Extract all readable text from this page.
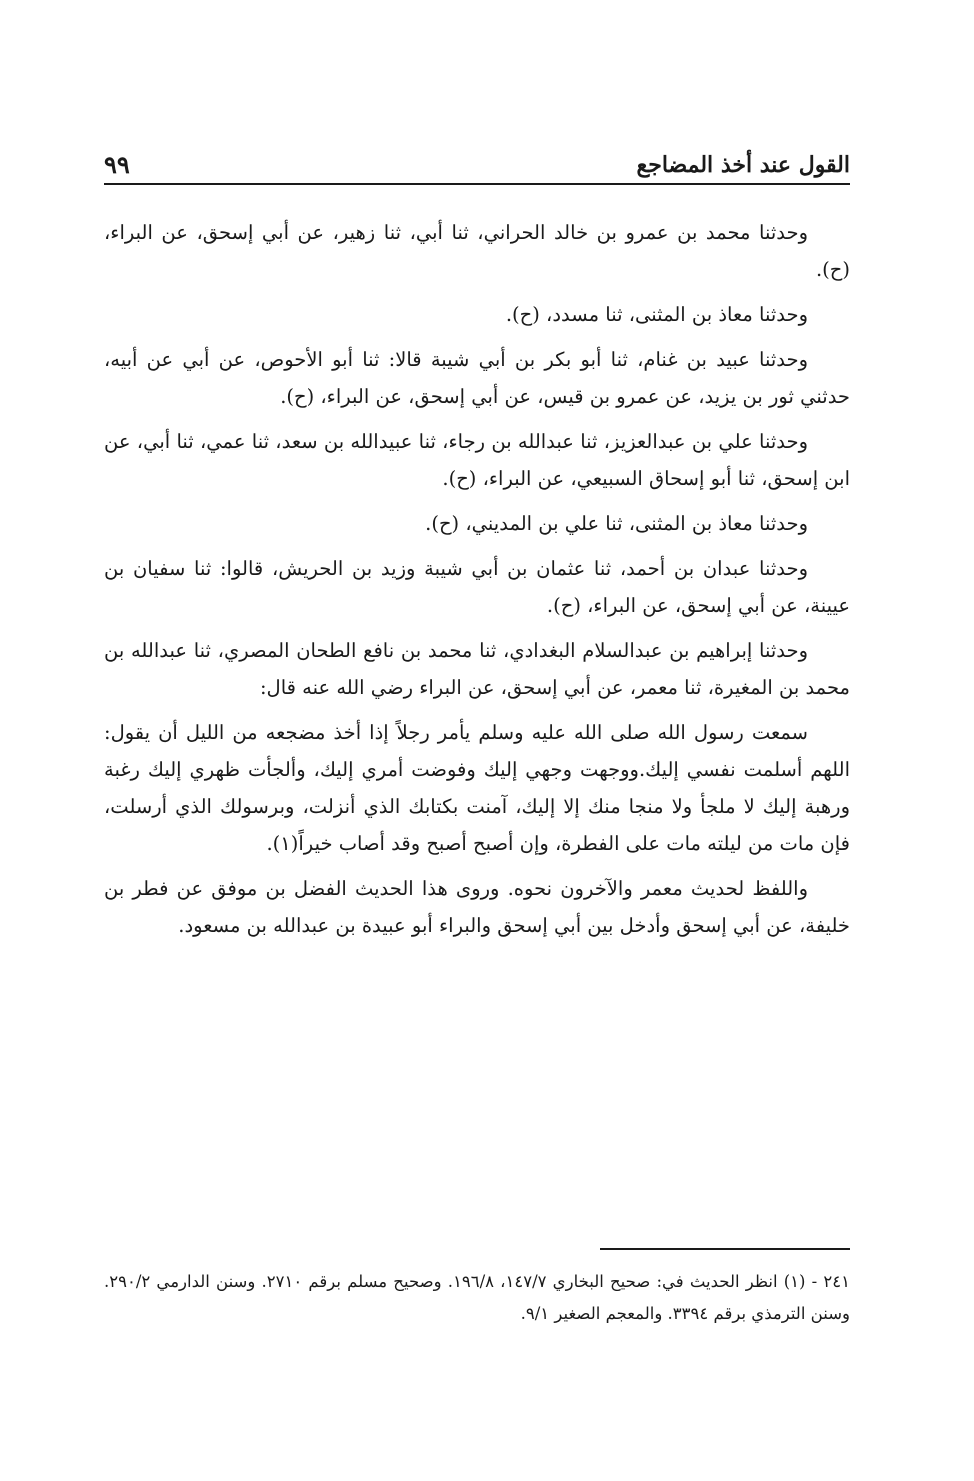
القول عند أخذ المضاجع
٩٩

وحدثنا محمد بن عمرو بن خالد الحراني، ثنا أبي، ثنا زهير، عن أبي إسحق، عن البراء، (ح).

وحدثنا معاذ بن المثنى، ثنا مسدد، (ح).

وحدثنا عبيد بن غنام، ثنا أبو بكر بن أبي شيبة قالا: ثنا أبو الأحوص، عن أبي عن أبيه، حدثني ثور بن يزيد، عن عمرو بن قيس، عن أبي إسحق، عن البراء، (ح).

وحدثنا علي بن عبدالعزيز، ثنا عبدالله بن رجاء، ثنا عبيدالله بن سعد، ثنا عمي، ثنا أبي، عن ابن إسحق، ثنا أبو إسحاق السبيعي، عن البراء، (ح).

وحدثنا معاذ بن المثنى، ثنا علي بن المديني، (ح).

وحدثنا عبدان بن أحمد، ثنا عثمان بن أبي شيبة وزيد بن الحريش، قالوا: ثنا سفيان بن عيينة، عن أبي إسحق، عن البراء، (ح).

وحدثنا إبراهيم بن عبدالسلام البغدادي، ثنا محمد بن نافع الطحان المصري، ثنا عبدالله بن محمد بن المغيرة، ثنا معمر، عن أبي إسحق، عن البراء رضي الله عنه قال:

سمعت رسول الله صلى الله عليه وسلم يأمر رجلاً إذا أخذ مضجعه من الليل أن يقول: اللهم أسلمت نفسي إليك.ووجهت وجهي إليك وفوضت أمري إليك، وألجأت ظهري إليك رغبة ورهبة إليك لا ملجأ ولا منجا منك إلا إليك، آمنت بكتابك الذي أنزلت، وبرسولك الذي أرسلت، فإن مات من ليلته مات على الفطرة، وإن أصبح أصبح وقد أصاب خيراً(١).

واللفظ لحديث معمر والآخرون نحوه. وروى هذا الحديث الفضل بن موفق عن فطر بن خليفة، عن أبي إسحق وأدخل بين أبي إسحق والبراء أبو عبيدة بن عبدالله بن مسعود.

٢٤١ - (١) انظر الحديث في: صحيح البخاري ١٤٧/٧، ١٩٦/٨. وصحيح مسلم برقم ٢٧١٠. وسنن الدارمي ٢٩٠/٢. وسنن الترمذي برقم ٣٣٩٤. والمعجم الصغير ٩/١.
